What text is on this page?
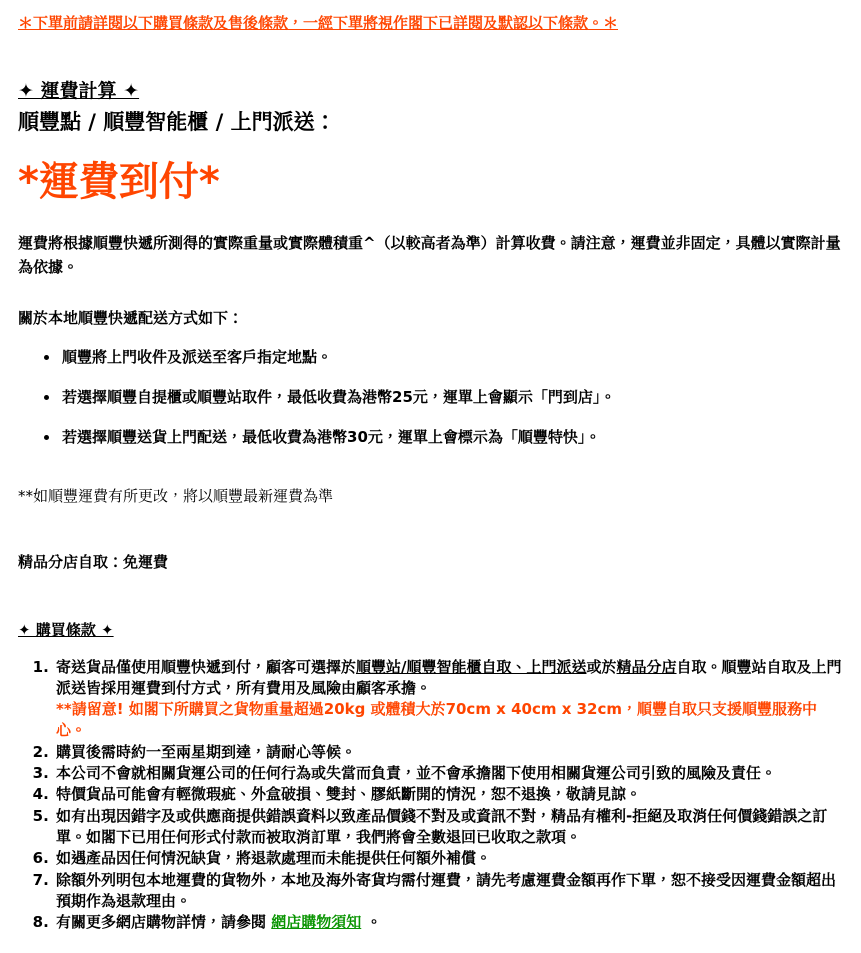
＊下單前請詳閱以下購買條款及售後條款，一經下單將視作閣下已詳閱及默認以下條款。＊

✦ 運費計算 ✦
順豐點 / 順豐智能櫃 / 上門派送：
*運費到付*

運費將根據順豐快遞所測得的實際重量或實際體積重^（以較高者為準）計算收費。請注意，運費並非固定，具體以實際計量為依據。

關於本地順豐快遞配送方式如下：

• 順豐將上門收件及派送至客戶指定地點。
• 若選擇順豐自提櫃或順豐站取件，最低收費為港幣25元，運單上會顯示「門到店」。
• 若選擇順豐送貨上門配送，最低收費為港幣30元，運單上會標示為「順豐特快」。

**如順豐運費有所更改，將以順豐最新運費為準

精品分店自取：免運費

✦ 購買條款 ✦
1. 寄送貨品僅使用順豐快遞到付，顧客可選擇於順豐站/順豐智能櫃自取、上門派送或於精品分店自取。順豐站自取及上門派送皆採用運費到付方式，所有費用及風險由顧客承擔。
**請留意! 如閣下所購買之貨物重量超過20kg 或體積大於70cm x 40cm x 32cm，順豐自取只支援順豐服務中心。
2. 購買後需時約一至兩星期到達，請耐心等候。
3. 本公司不會就相關貨運公司的任何行為或失當而負責，並不會承擔閣下使用相關貨運公司引致的風險及責任。
4. 特價貨品可能會有輕微瑕疵、外盒破損、雙封、膠紙斷開的情況，恕不退換，敬請見諒。
5. 如有出現因錯字及或供應商提供錯誤資料以致產品價錢不對及或資訊不對，精品有權利-拒絕及取消任何價錢錯誤之訂單。如閣下已用任何形式付款而被取消訂單，我們將會全數退回已收取之款項。
6. 如遇產品因任何情況缺貨，將退款處理而未能提供任何額外補償。
7. 除額外列明包本地運費的貨物外，本地及海外寄貨均需付運費，請先考慮運費金額再作下單，恕不接受因運費金額超出預期作為退款理由。
8. 有關更多網店購物詳情，請參閱 網店購物須知 。
